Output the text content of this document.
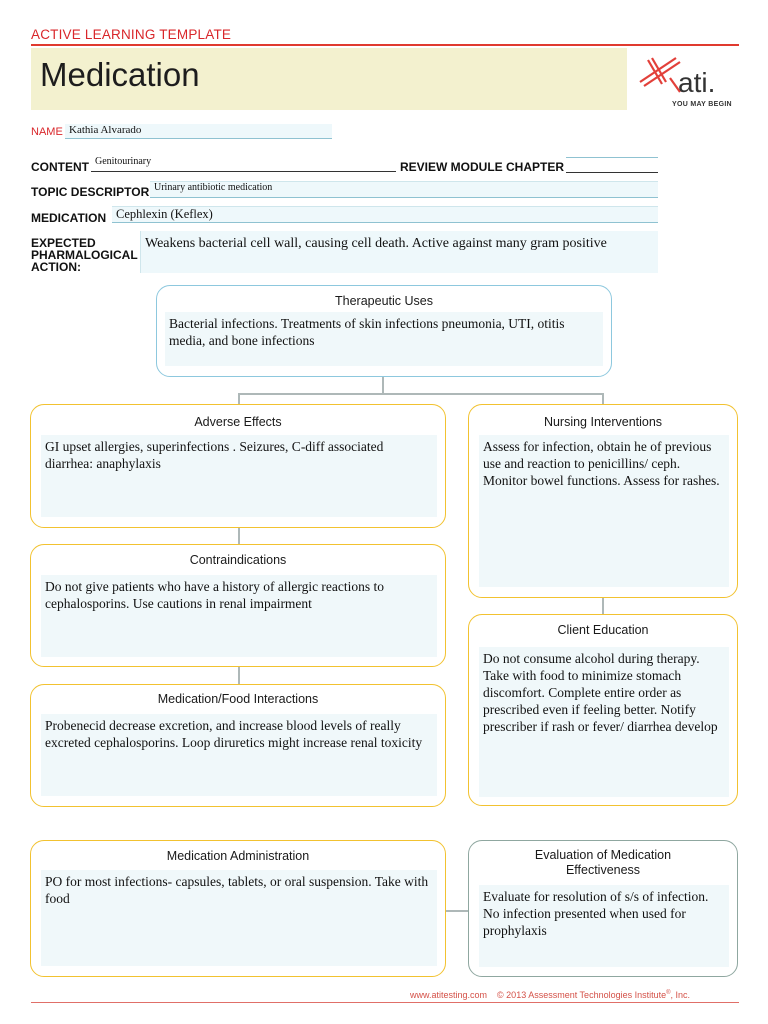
ACTIVE LEARNING TEMPLATE
Medication	ati.
YOU MAY BEGIN
NAME Kathia Alvarado
CONTENT Genitourinary	REVIEW MODULE CHAPTER
TOPIC DESCRIPTOR Urinary antibiotic medication
MEDICATION Cephlexin (Keflex)
EXPECTED
PHARMALOGICAL
ACTION:
Weakens bacterial cell wall, causing cell death. Active against many gram positive
Therapeutic Uses
Bacterial infections. Treatments of skin infections pneumonia, UTI, otitis media, and bone infections
Adverse Effects
GI upset allergies, superinfections . Seizures, C-diff associated diarrhea: anaphylaxis
Nursing Interventions
Assess for infection, obtain he of previous use and reaction to penicillins/ ceph. Monitor bowel functions. Assess for rashes.
Contraindications
Do not give patients who have a history of allergic reactions to cephalosporins. Use cautions in renal impairment
Client Education
Do not consume alcohol during therapy. Take with food to minimize stomach discomfort. Complete entire order as prescribed even if feeling better. Notify prescriber if rash or fever/ diarrhea develop
Medication/Food Interactions
Probenecid decrease excretion, and increase blood levels of really excreted cephalosporins. Loop diruretics might increase renal toxicity
Medication Administration
PO for most infections- capsules, tablets, or oral suspension. Take with food
Evaluation of Medication
Effectiveness
Evaluate for resolution of s/s of infection. No infection presented when used for prophylaxis
www.atitesting.com © 2013 Assessment Technologies Institute®, Inc.
